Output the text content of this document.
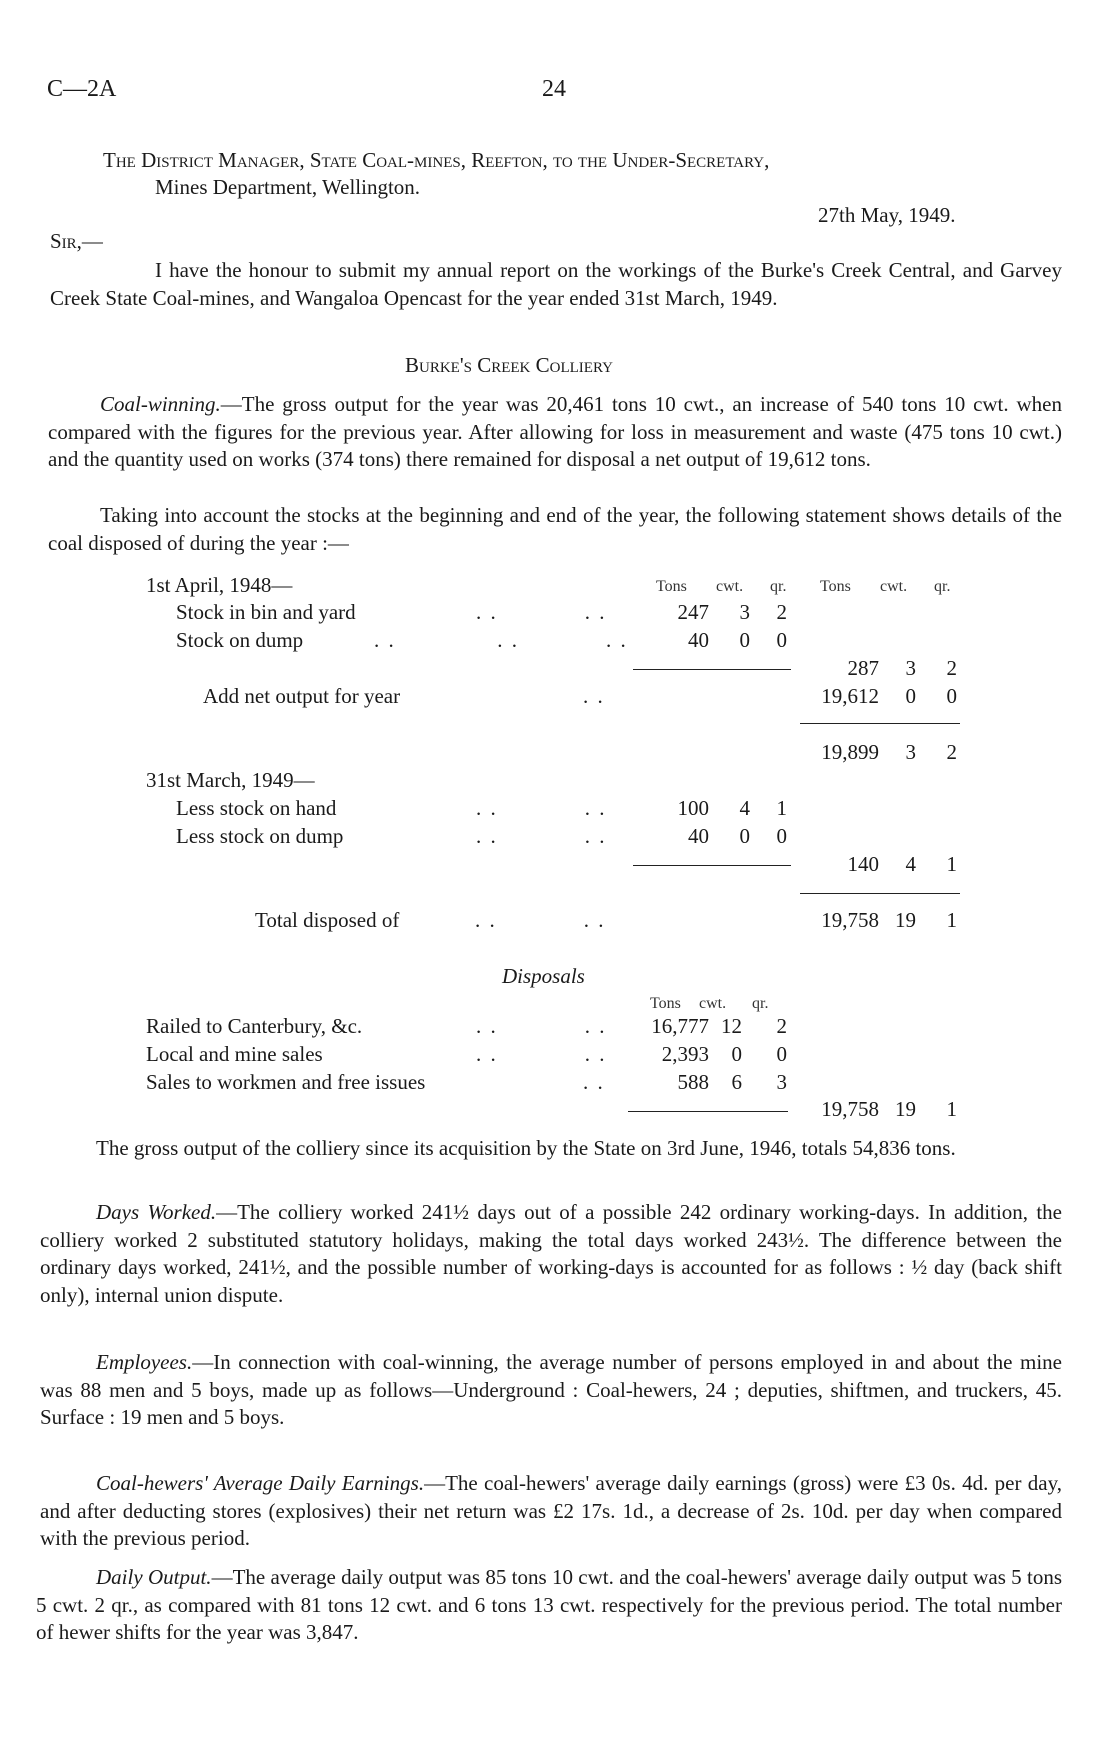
C—2A	24
The District Manager, State Coal-mines, Reefton, to the Under-Secretary,
Mines Department, Wellington.
27th May, 1949.
Sir,—
I have the honour to submit my annual report on the workings of the Burke's Creek Central, and Garvey Creek State Coal-mines, and Wangaloa Opencast for the year ended 31st March, 1949.
Burke's Creek Colliery
Coal-winning.—The gross output for the year was 20,461 tons 10 cwt., an increase of 540 tons 10 cwt. when compared with the figures for the previous year. After allowing for loss in measurement and waste (475 tons 10 cwt.) and the quantity used on works (374 tons) there remained for disposal a net output of 19,612 tons.
Taking into account the stocks at the beginning and end of the year, the following statement shows details of the coal disposed of during the year :—
1st April, 1948—	Tons cwt. qr. Tons cwt. qr.
Stock in bin and yard	. .            . .	247 3 2
Stock on dump	. .              . .            . .	40 0 0
287 3 2
Add net output for year	. .	19,612 0 0
19,899 3 2
31st March, 1949—
Less stock on hand	. .            . .	100 4 1
Less stock on dump	. .            . .	40 0 0
140 4 1
Total disposed of	. .            . .	19,758 19 1
Disposals
Tons cwt. qr.
Railed to Canterbury, &c.	. .            . . 16,777 12 2
Local and mine sales	. .            . .	2,393 0 0
Sales to workmen and free issues	. .	588 6 3
19,758 19 1
The gross output of the colliery since its acquisition by the State on 3rd June, 1946, totals 54,836 tons.
Days Worked.—The colliery worked 241½ days out of a possible 242 ordinary working-days. In addition, the colliery worked 2 substituted statutory holidays, making the total days worked 243½. The difference between the ordinary days worked, 241½, and the possible number of working-days is accounted for as follows : ½ day (back shift only), internal union dispute.
Employees.—In connection with coal-winning, the average number of persons employed in and about the mine was 88 men and 5 boys, made up as follows—Underground : Coal-hewers, 24 ; deputies, shiftmen, and truckers, 45. Surface : 19 men and 5 boys.
Coal-hewers' Average Daily Earnings.—The coal-hewers' average daily earnings (gross) were £3 0s. 4d. per day, and after deducting stores (explosives) their net return was £2 17s. 1d., a decrease of 2s. 10d. per day when compared with the previous period.
Daily Output.—The average daily output was 85 tons 10 cwt. and the coal-hewers' average daily output was 5 tons 5 cwt. 2 qr., as compared with 81 tons 12 cwt. and 6 tons 13 cwt. respectively for the previous period. The total number of hewer shifts for the year was 3,847.
